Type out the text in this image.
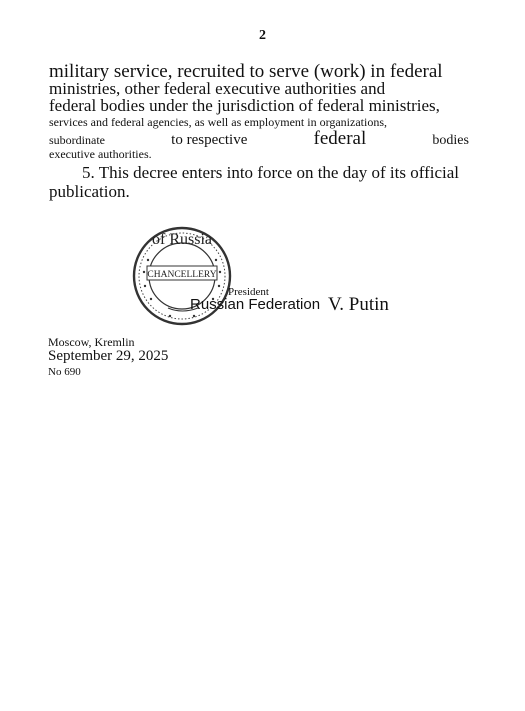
2
military service, recruited to serve (work) in federal
ministries, other federal executive authorities and
federal bodies under the jurisdiction of federal ministries,
services and federal agencies, as well as employment in organizations,
subordinate	to respective	federal	bodies
executive authorities.
5. This decree enters into force on the day of its official
publication.
of Russia
CHANCELLERY
President
Russian Federation V. Putin
Moscow, Kremlin
September 29, 2025
No 690
